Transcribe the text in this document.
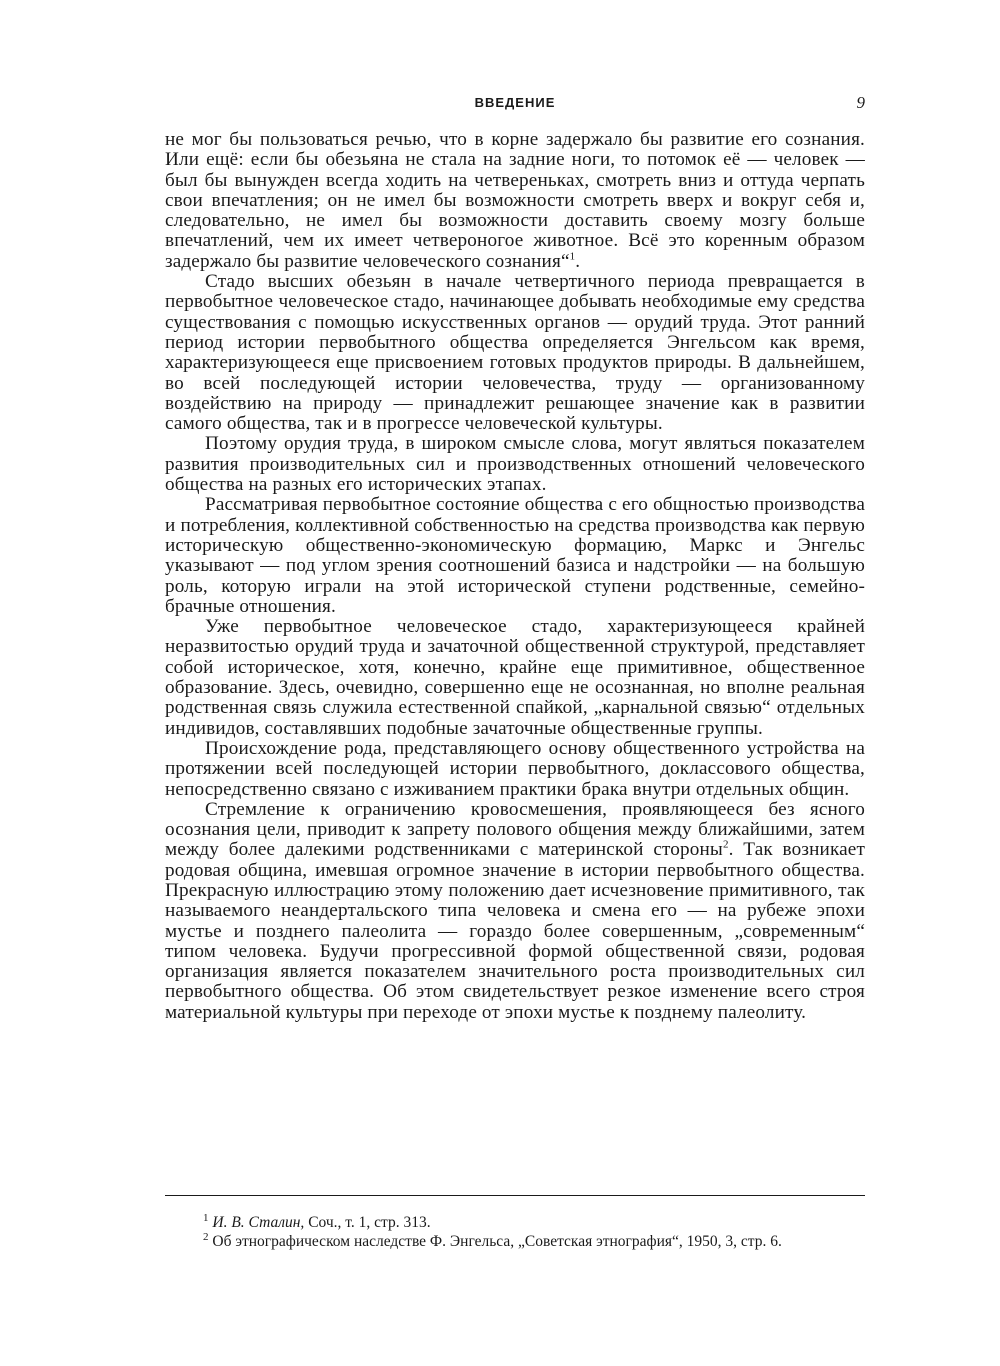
ВВЕДЕНИЕ	9

не мог бы пользоваться речью, что в корне задержало бы развитие его сознания. Или ещё: если бы обезьяна не стала на задние ноги, то потомок её — человек — был бы вынужден всегда ходить на четвереньках, смотреть вниз и оттуда черпать свои впечатления; он не имел бы возможности смотреть вверх и вокруг себя и, следовательно, не имел бы возможности доставить своему мозгу больше впечатлений, чем их имеет четвероногое животное. Всё это коренным образом задержало бы развитие человеческого сознания“$^1$.

Стадо высших обезьян в начале четвертичного периода превращается в первобытное человеческое стадо, начинающее добывать необходимые ему средства существования с помощью искусственных органов — орудий труда. Этот ранний период истории первобытного общества определяется Энгельсом как время, характеризующееся еще присвоением готовых продуктов природы. В дальнейшем, во всей последующей истории человечества, труду — организованному воздействию на природу — принадлежит решающее значение как в развитии самого общества, так и в прогрессе человеческой культуры.

Поэтому орудия труда, в широком смысле слова, могут являться показателем развития производительных сил и производственных отношений человеческого общества на разных его исторических этапах.

Рассматривая первобытное состояние общества с его общностью производства и потребления, коллективной собственностью на средства производства как первую историческую общественно-экономическую формацию, Маркс и Энгельс указывают — под углом зрения соотношений базиса и надстройки — на большую роль, которую играли на этой исторической ступени родственные, семейно-брачные отношения.

Уже первобытное человеческое стадо, характеризующееся крайней неразвитостью орудий труда и зачаточной общественной структурой, представляет собой историческое, хотя, конечно, крайне еще примитивное, общественное образование. Здесь, очевидно, совершенно еще не осознанная, но вполне реальная родственная связь служила естественной спайкой, „карнальной связью“ отдельных индивидов, составлявших подобные зачаточные общественные группы.

Происхождение рода, представляющего основу общественного устройства на протяжении всей последующей истории первобытного, доклассового общества, непосредственно связано с изживанием практики брака внутри отдельных общин.

Стремление к ограничению кровосмешения, проявляющееся без ясного осознания цели, приводит к запрету полового общения между ближайшими, затем между более далекими родственниками с материнской стороны$^2$. Так возникает родовая община, имевшая огромное значение в истории первобытного общества. Прекрасную иллюстрацию этому положению дает исчезновение примитивного, так называемого неандертальского типа человека и смена его — на рубеже эпохи мустье и позднего палеолита — гораздо более совершенным, „современным“ типом человека. Будучи прогрессивной формой общественной связи, родовая организация является показателем значительного роста производительных сил первобытного общества. Об этом свидетельствует резкое изменение всего строя материальной культуры при переходе от эпохи мустье к позднему палеолиту.

$^1$ И. В. Сталин, Соч., т. 1, стр. 313.

$^2$ Об этнографическом наследстве Ф. Энгельса, „Советская этнография“, 1950, 3, стр. 6.
